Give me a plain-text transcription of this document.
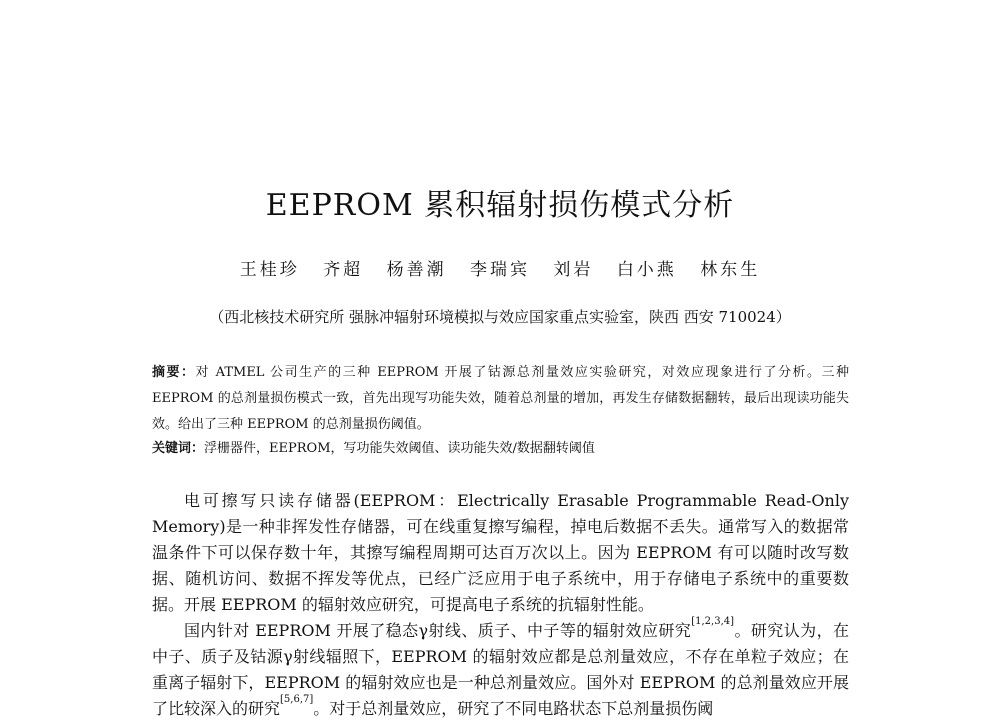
EEPROM 累积辐射损伤模式分析
王桂珍 齐超 杨善潮 李瑞宾 刘岩 白小燕 林东生
（西北核技术研究所 强脉冲辐射环境模拟与效应国家重点实验室，陕西 西安 710024）
摘要：对 ATMEL 公司生产的三种 EEPROM 开展了钴源总剂量效应实验研究，对效应现象进行了分析。三种 EEPROM 的总剂量损伤模式一致，首先出现写功能失效，随着总剂量的增加，再发生存储数据翻转，最后出现读功能失效。给出了三种 EEPROM 的总剂量损伤阈值。
关键词：浮栅器件，EEPROM，写功能失效阈值、读功能失效/数据翻转阈值

电可擦写只读存储器(EEPROM：Electrically Erasable Programmable Read-Only Memory)是一种非挥发性存储器，可在线重复擦写编程，掉电后数据不丢失。通常写入的数据常温条件下可以保存数十年，其擦写编程周期可达百万次以上。因为 EEPROM 有可以随时改写数据、随机访问、数据不挥发等优点，已经广泛应用于电子系统中，用于存储电子系统中的重要数据。开展 EEPROM 的辐射效应研究，可提高电子系统的抗辐射性能。

国内针对 EEPROM 开展了稳态γ射线、质子、中子等的辐射效应研究[1,2,3,4]。研究认为，在中子、质子及钴源γ射线辐照下，EEPROM 的辐射效应都是总剂量效应，不存在单粒子效应；在重离子辐射下，EEPROM 的辐射效应也是一种总剂量效应。国外对 EEPROM 的总剂量效应开展了比较深入的研究[5,6,7]。对于总剂量效应，研究了不同电路状态下总剂量损伤阈
